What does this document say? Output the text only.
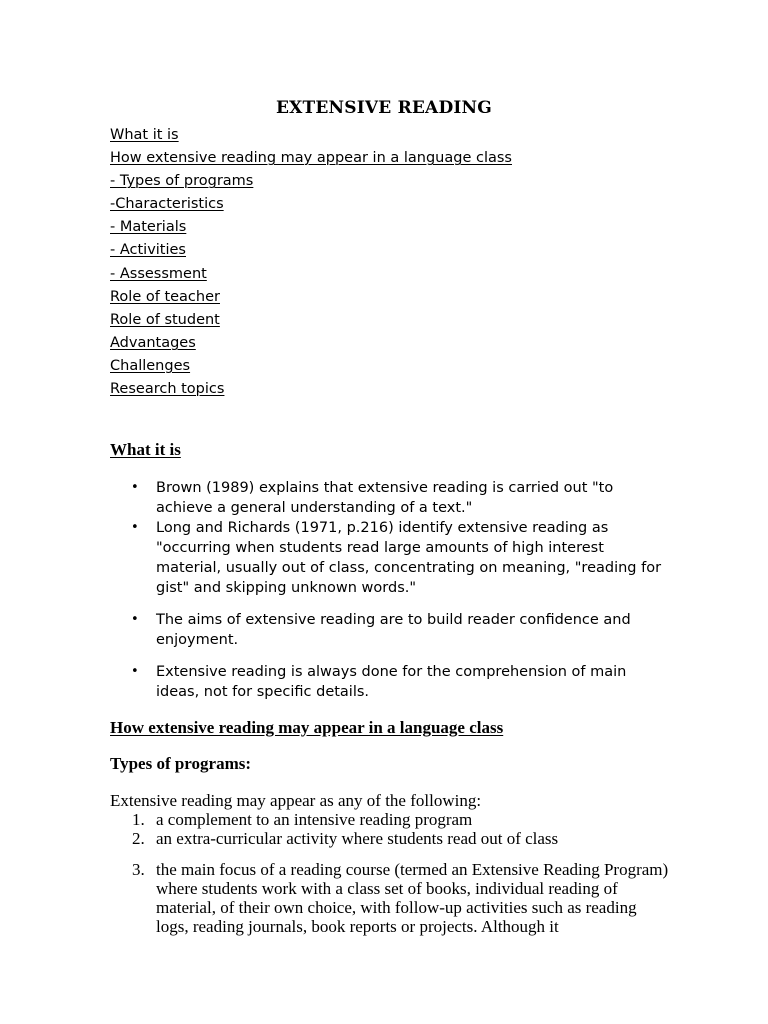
EXTENSIVE READING
What it is
How extensive reading may appear in a language class
- Types of programs
-Characteristics
- Materials
- Activities
- Assessment
Role of teacher
Role of student
Advantages
Challenges
Research topics
What it is
• Brown (1989) explains that extensive reading is carried out "to achieve a general understanding of a text."
• Long and Richards (1971, p.216) identify extensive reading as "occurring when students read large amounts of high interest material, usually out of class, concentrating on meaning, "reading for gist" and skipping unknown words."
• The aims of extensive reading are to build reader confidence and enjoyment.
• Extensive reading is always done for the comprehension of main ideas, not for specific details.
How extensive reading may appear in a language class
Types of programs:

Extensive reading may appear as any of the following:

1. a complement to an intensive reading program
2. an extra-curricular activity where students read out of class
3. the main focus of a reading course (termed an Extensive Reading Program) where students work with a class set of books, individual reading of material, of their own choice, with follow-up activities such as reading logs, reading journals, book reports or projects. Although it
